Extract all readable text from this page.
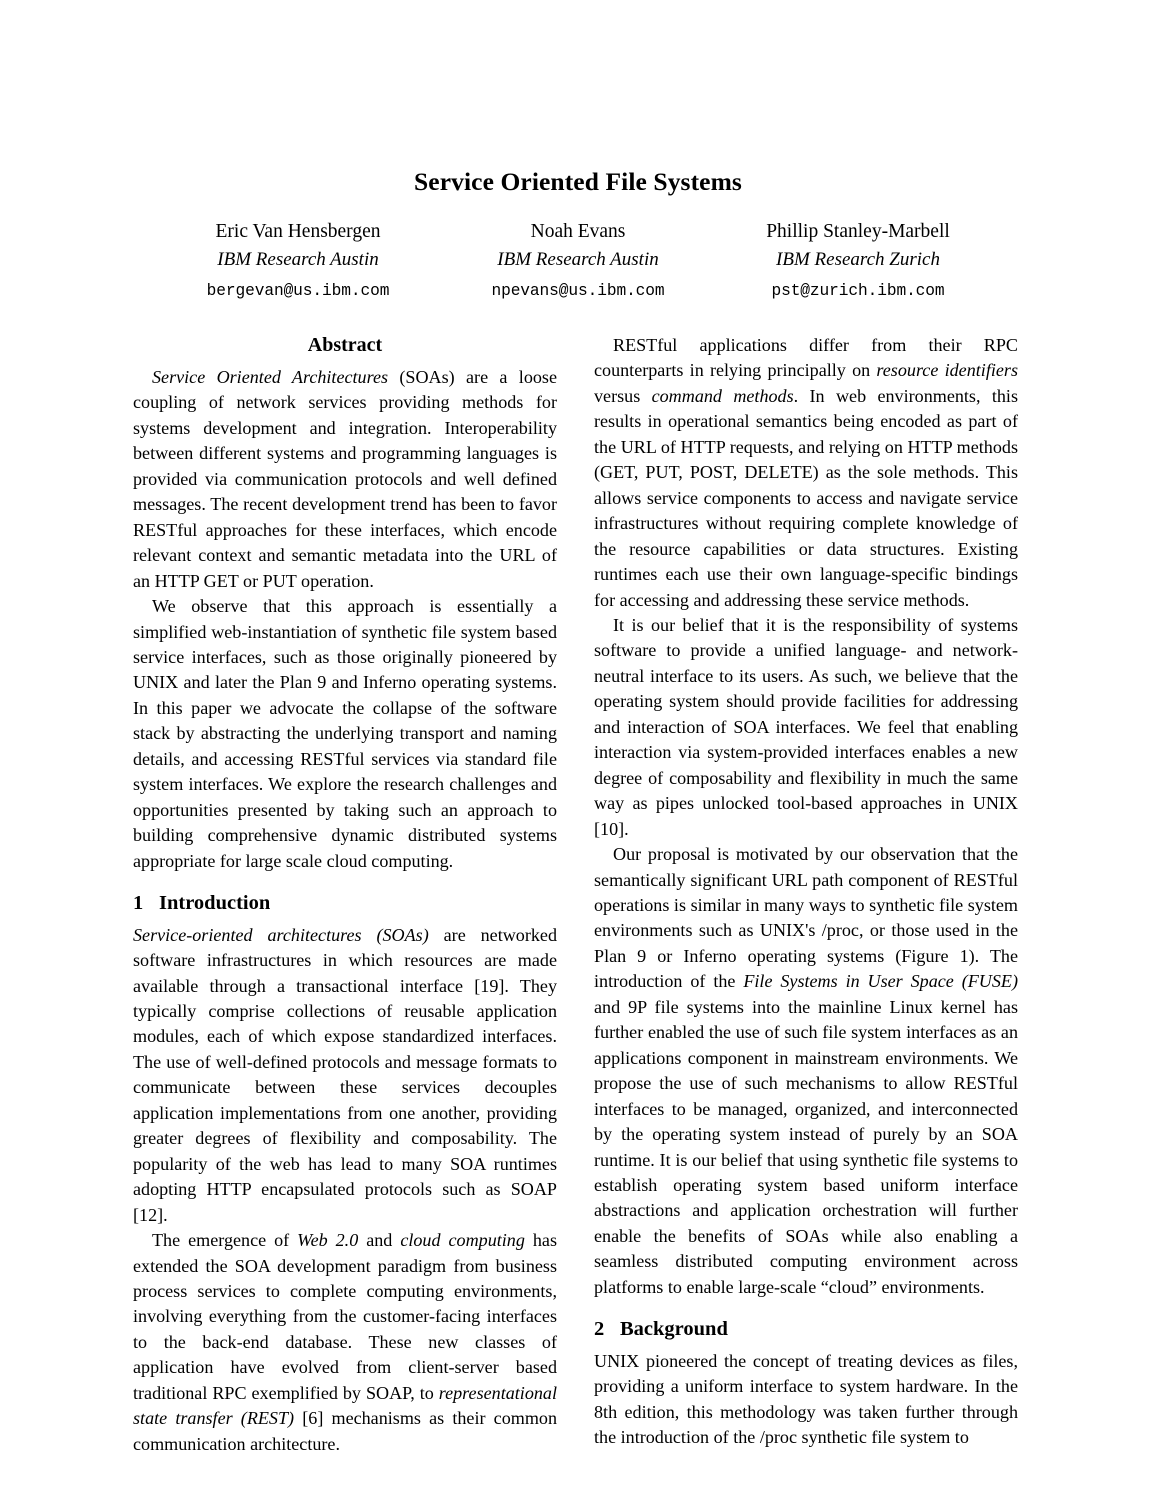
Service Oriented File Systems
Eric Van Hensbergen
IBM Research Austin
bergevan@us.ibm.com
Noah Evans
IBM Research Austin
npevans@us.ibm.com
Phillip Stanley-Marbell
IBM Research Zurich
pst@zurich.ibm.com
Abstract

Service Oriented Architectures (SOAs) are a loose coupling of network services providing methods for systems development and integration. Interoperability between different systems and programming languages is provided via communication protocols and well defined messages. The recent development trend has been to favor RESTful approaches for these interfaces, which encode relevant context and semantic metadata into the URL of an HTTP GET or PUT operation.

We observe that this approach is essentially a simplified web-instantiation of synthetic file system based service interfaces, such as those originally pioneered by UNIX and later the Plan 9 and Inferno operating systems. In this paper we advocate the collapse of the software stack by abstracting the underlying transport and naming details, and accessing RESTful services via standard file system interfaces. We explore the research challenges and opportunities presented by taking such an approach to building comprehensive dynamic distributed systems appropriate for large scale cloud computing.

1 Introduction

Service-oriented architectures (SOAs) are networked software infrastructures in which resources are made available through a transactional interface [19]. They typically comprise collections of reusable application modules, each of which expose standardized interfaces. The use of well-defined protocols and message formats to communicate between these services decouples application implementations from one another, providing greater degrees of flexibility and composability. The popularity of the web has lead to many SOA runtimes adopting HTTP encapsulated protocols such as SOAP [12].

The emergence of Web 2.0 and cloud computing has extended the SOA development paradigm from business process services to complete computing environments, involving everything from the customer-facing interfaces to the back-end database. These new classes of application have evolved from client-server based traditional RPC exemplified by SOAP, to representational state transfer (REST) [6] mechanisms as their common communication architecture.

RESTful applications differ from their RPC counterparts in relying principally on resource identifiers versus command methods. In web environments, this results in operational semantics being encoded as part of the URL of HTTP requests, and relying on HTTP methods (GET, PUT, POST, DELETE) as the sole methods. This allows service components to access and navigate service infrastructures without requiring complete knowledge of the resource capabilities or data structures. Existing runtimes each use their own language-specific bindings for accessing and addressing these service methods.

It is our belief that it is the responsibility of systems software to provide a unified language- and network-neutral interface to its users. As such, we believe that the operating system should provide facilities for addressing and interaction of SOA interfaces. We feel that enabling interaction via system-provided interfaces enables a new degree of composability and flexibility in much the same way as pipes unlocked tool-based approaches in UNIX [10].

Our proposal is motivated by our observation that the semantically significant URL path component of RESTful operations is similar in many ways to synthetic file system environments such as UNIX's /proc, or those used in the Plan 9 or Inferno operating systems (Figure 1). The introduction of the File Systems in User Space (FUSE) and 9P file systems into the mainline Linux kernel has further enabled the use of such file system interfaces as an applications component in mainstream environments. We propose the use of such mechanisms to allow RESTful interfaces to be managed, organized, and interconnected by the operating system instead of purely by an SOA runtime. It is our belief that using synthetic file systems to establish operating system based uniform interface abstractions and application orchestration will further enable the benefits of SOAs while also enabling a seamless distributed computing environment across platforms to enable large-scale “cloud” environments.

2 Background

UNIX pioneered the concept of treating devices as files, providing a uniform interface to system hardware. In the 8th edition, this methodology was taken further through the introduction of the /proc synthetic file system to
